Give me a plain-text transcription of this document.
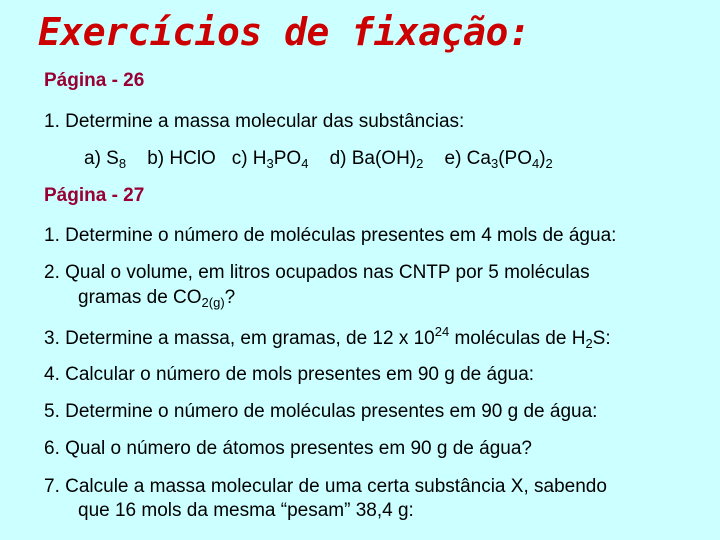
Exercícios de fixação:
Página - 26
1. Determine a massa molecular das substâncias:
a) $S_8$ b) HClO c) $H_3PO_4$ d) $Ba(OH)_2$ e) $Ca_3(PO_4)_2$
Página - 27
1. Determine o número de moléculas presentes em 4 mols de água:
2. Qual o volume, em litros ocupados nas CNTP por 5 moléculas
gramas de $CO_{2(g)}$?
3. Determine a massa, em gramas, de 12 x $10^{24}$ moléculas de $H_2S$:
4. Calcular o número de mols presentes em 90 g de água:
5. Determine o número de moléculas presentes em 90 g de água:
6. Qual o número de átomos presentes em 90 g de água?
7. Calcule a massa molecular de uma certa substância X, sabendo
que 16 mols da mesma “pesam” 38,4 g:
